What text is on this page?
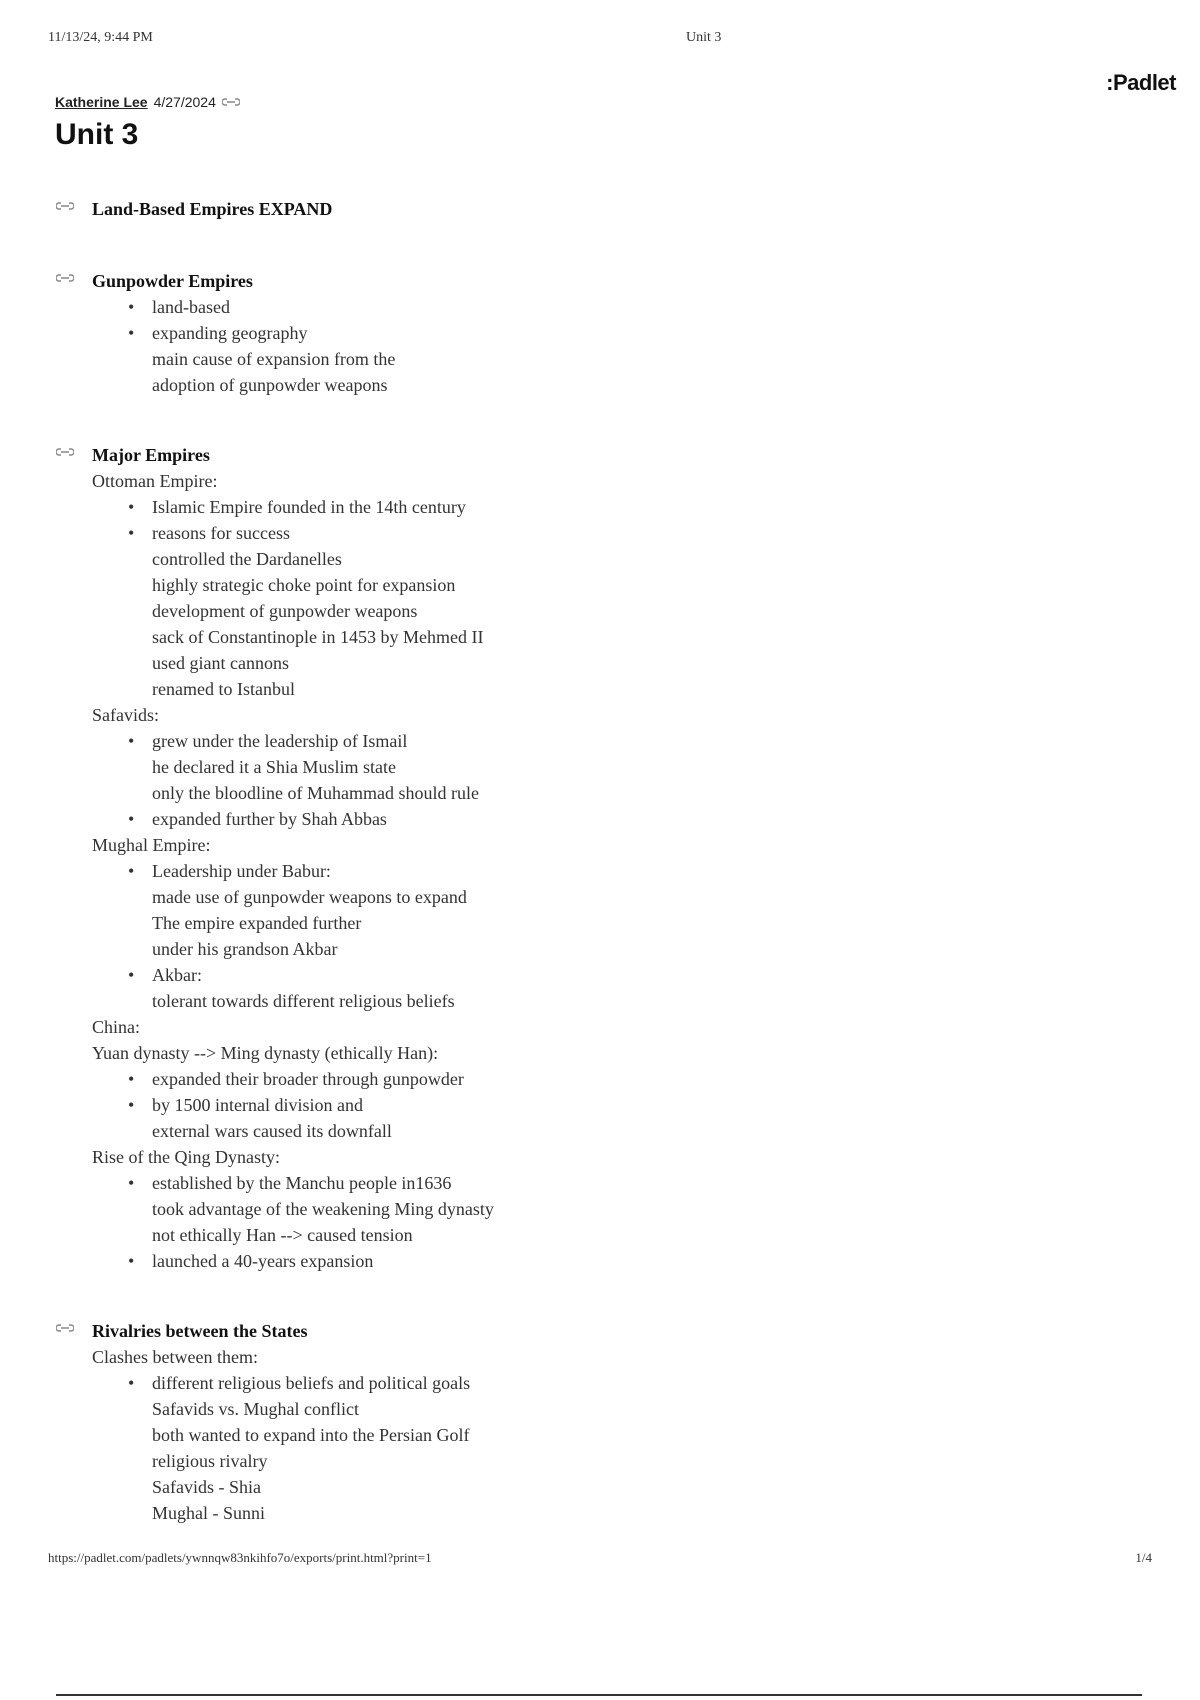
11/13/24, 9:44 PM	Unit 3
:Padlet
Katherine Lee 4/27/2024
Unit 3
Land-Based Empires EXPAND
Gunpowder Empires
• land-based
• expanding geography
main cause of expansion from the
adoption of gunpowder weapons
Major Empires
Ottoman Empire:
• Islamic Empire founded in the 14th century
• reasons for success
controlled the Dardanelles
highly strategic choke point for expansion
development of gunpowder weapons
sack of Constantinople in 1453 by Mehmed II
used giant cannons
renamed to Istanbul
Safavids:
• grew under the leadership of Ismail
he declared it a Shia Muslim state
only the bloodline of Muhammad should rule
• expanded further by Shah Abbas
Mughal Empire:
• Leadership under Babur:
made use of gunpowder weapons to expand
The empire expanded further
under his grandson Akbar
• Akbar:
tolerant towards different religious beliefs
China:
Yuan dynasty --> Ming dynasty (ethically Han):
• expanded their broader through gunpowder
• by 1500 internal division and
external wars caused its downfall
Rise of the Qing Dynasty:
• established by the Manchu people in1636
took advantage of the weakening Ming dynasty
not ethically Han --> caused tension
• launched a 40-years expansion
Rivalries between the States
Clashes between them:
• different religious beliefs and political goals
Safavids vs. Mughal conflict
both wanted to expand into the Persian Golf
religious rivalry
Safavids - Shia
Mughal - Sunni
https://padlet.com/padlets/ywnnqw83nkihfo7o/exports/print.html?print=1	1/4
